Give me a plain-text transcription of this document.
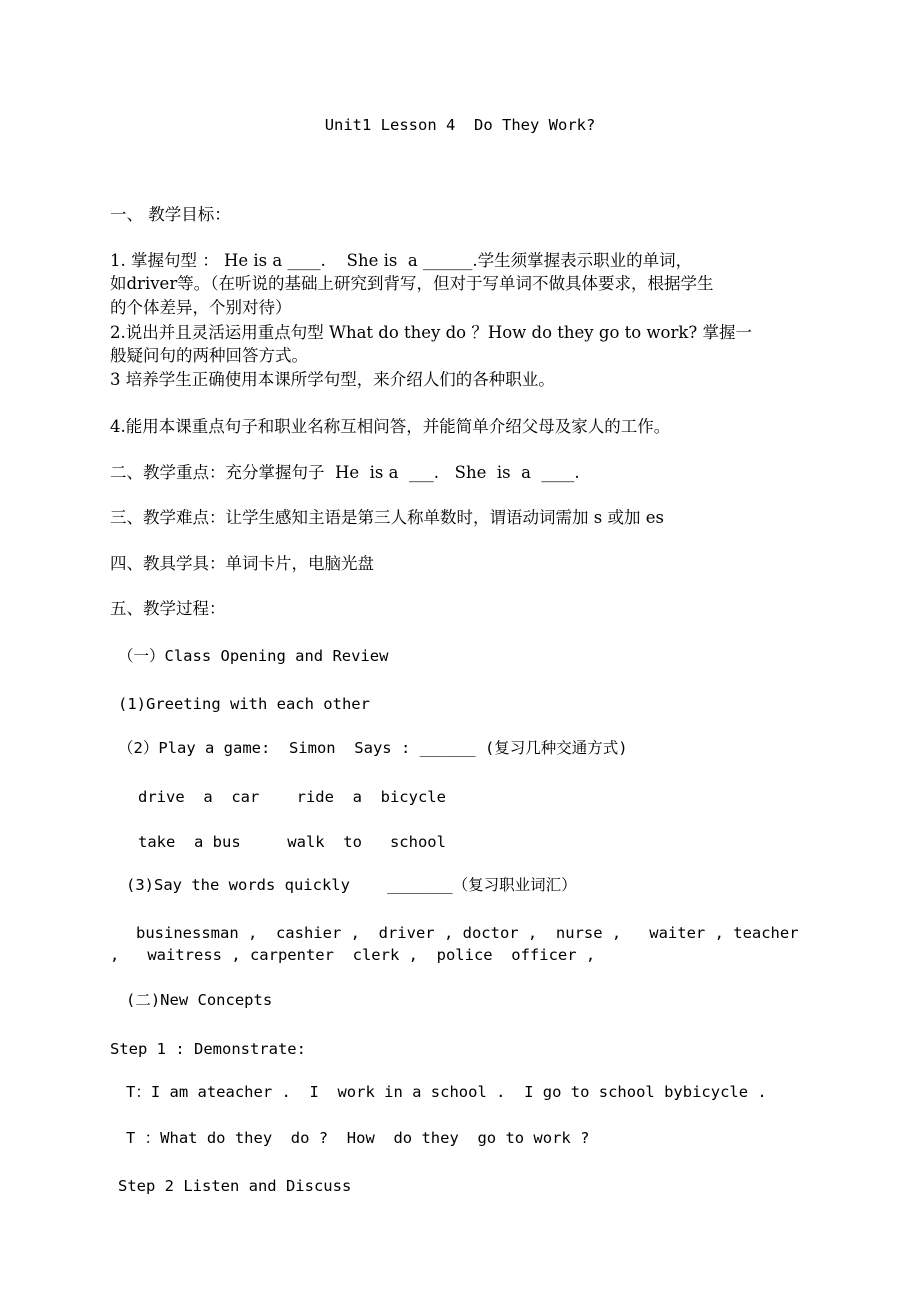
Unit1 Lesson 4  Do They Work?
一、 教学目标：
1. 掌握句型 ： He is a ____.    She is  a ______.学生须掌握表示职业的单词，
如driver等。（在听说的基础上研究到背写，但对于写单词不做具体要求，根据学生
的个体差异，个别对待）
2.说出并且灵活运用重点句型 What do they do ？How do they go to work? 掌握一
般疑问句的两种回答方式。
3 培养学生正确使用本课所学句型，来介绍人们的各种职业。
4.能用本课重点句子和职业名称互相问答，并能简单介绍父母及家人的工作。
二、教学重点：充分掌握句子  He  is a  ___.   She  is  a  ____.
三、教学难点：让学生感知主语是第三人称单数时，谓语动词需加 s 或加 es
四、教具学具：单词卡片，电脑光盘
五、教学过程：
（一）Class Opening and Review
(1)Greeting with each other
（2）Play a game:  Simon  Says : ______ (复习几种交通方式)
drive  a  car    ride  a  bicycle
take  a bus     walk  to   school
(3)Say the words quickly    _______（复习职业词汇）
businessman ,  cashier ,  driver , doctor ,  nurse ,   waiter , teacher
,   waitress , carpenter  clerk ,  police  officer ,
(二)New Concepts
Step 1 : Demonstrate:
T：I am ateacher .  I  work in a school .  I go to school bybicycle .
T ：What do they  do ?  How  do they  go to work ?
Step 2 Listen and Discuss
